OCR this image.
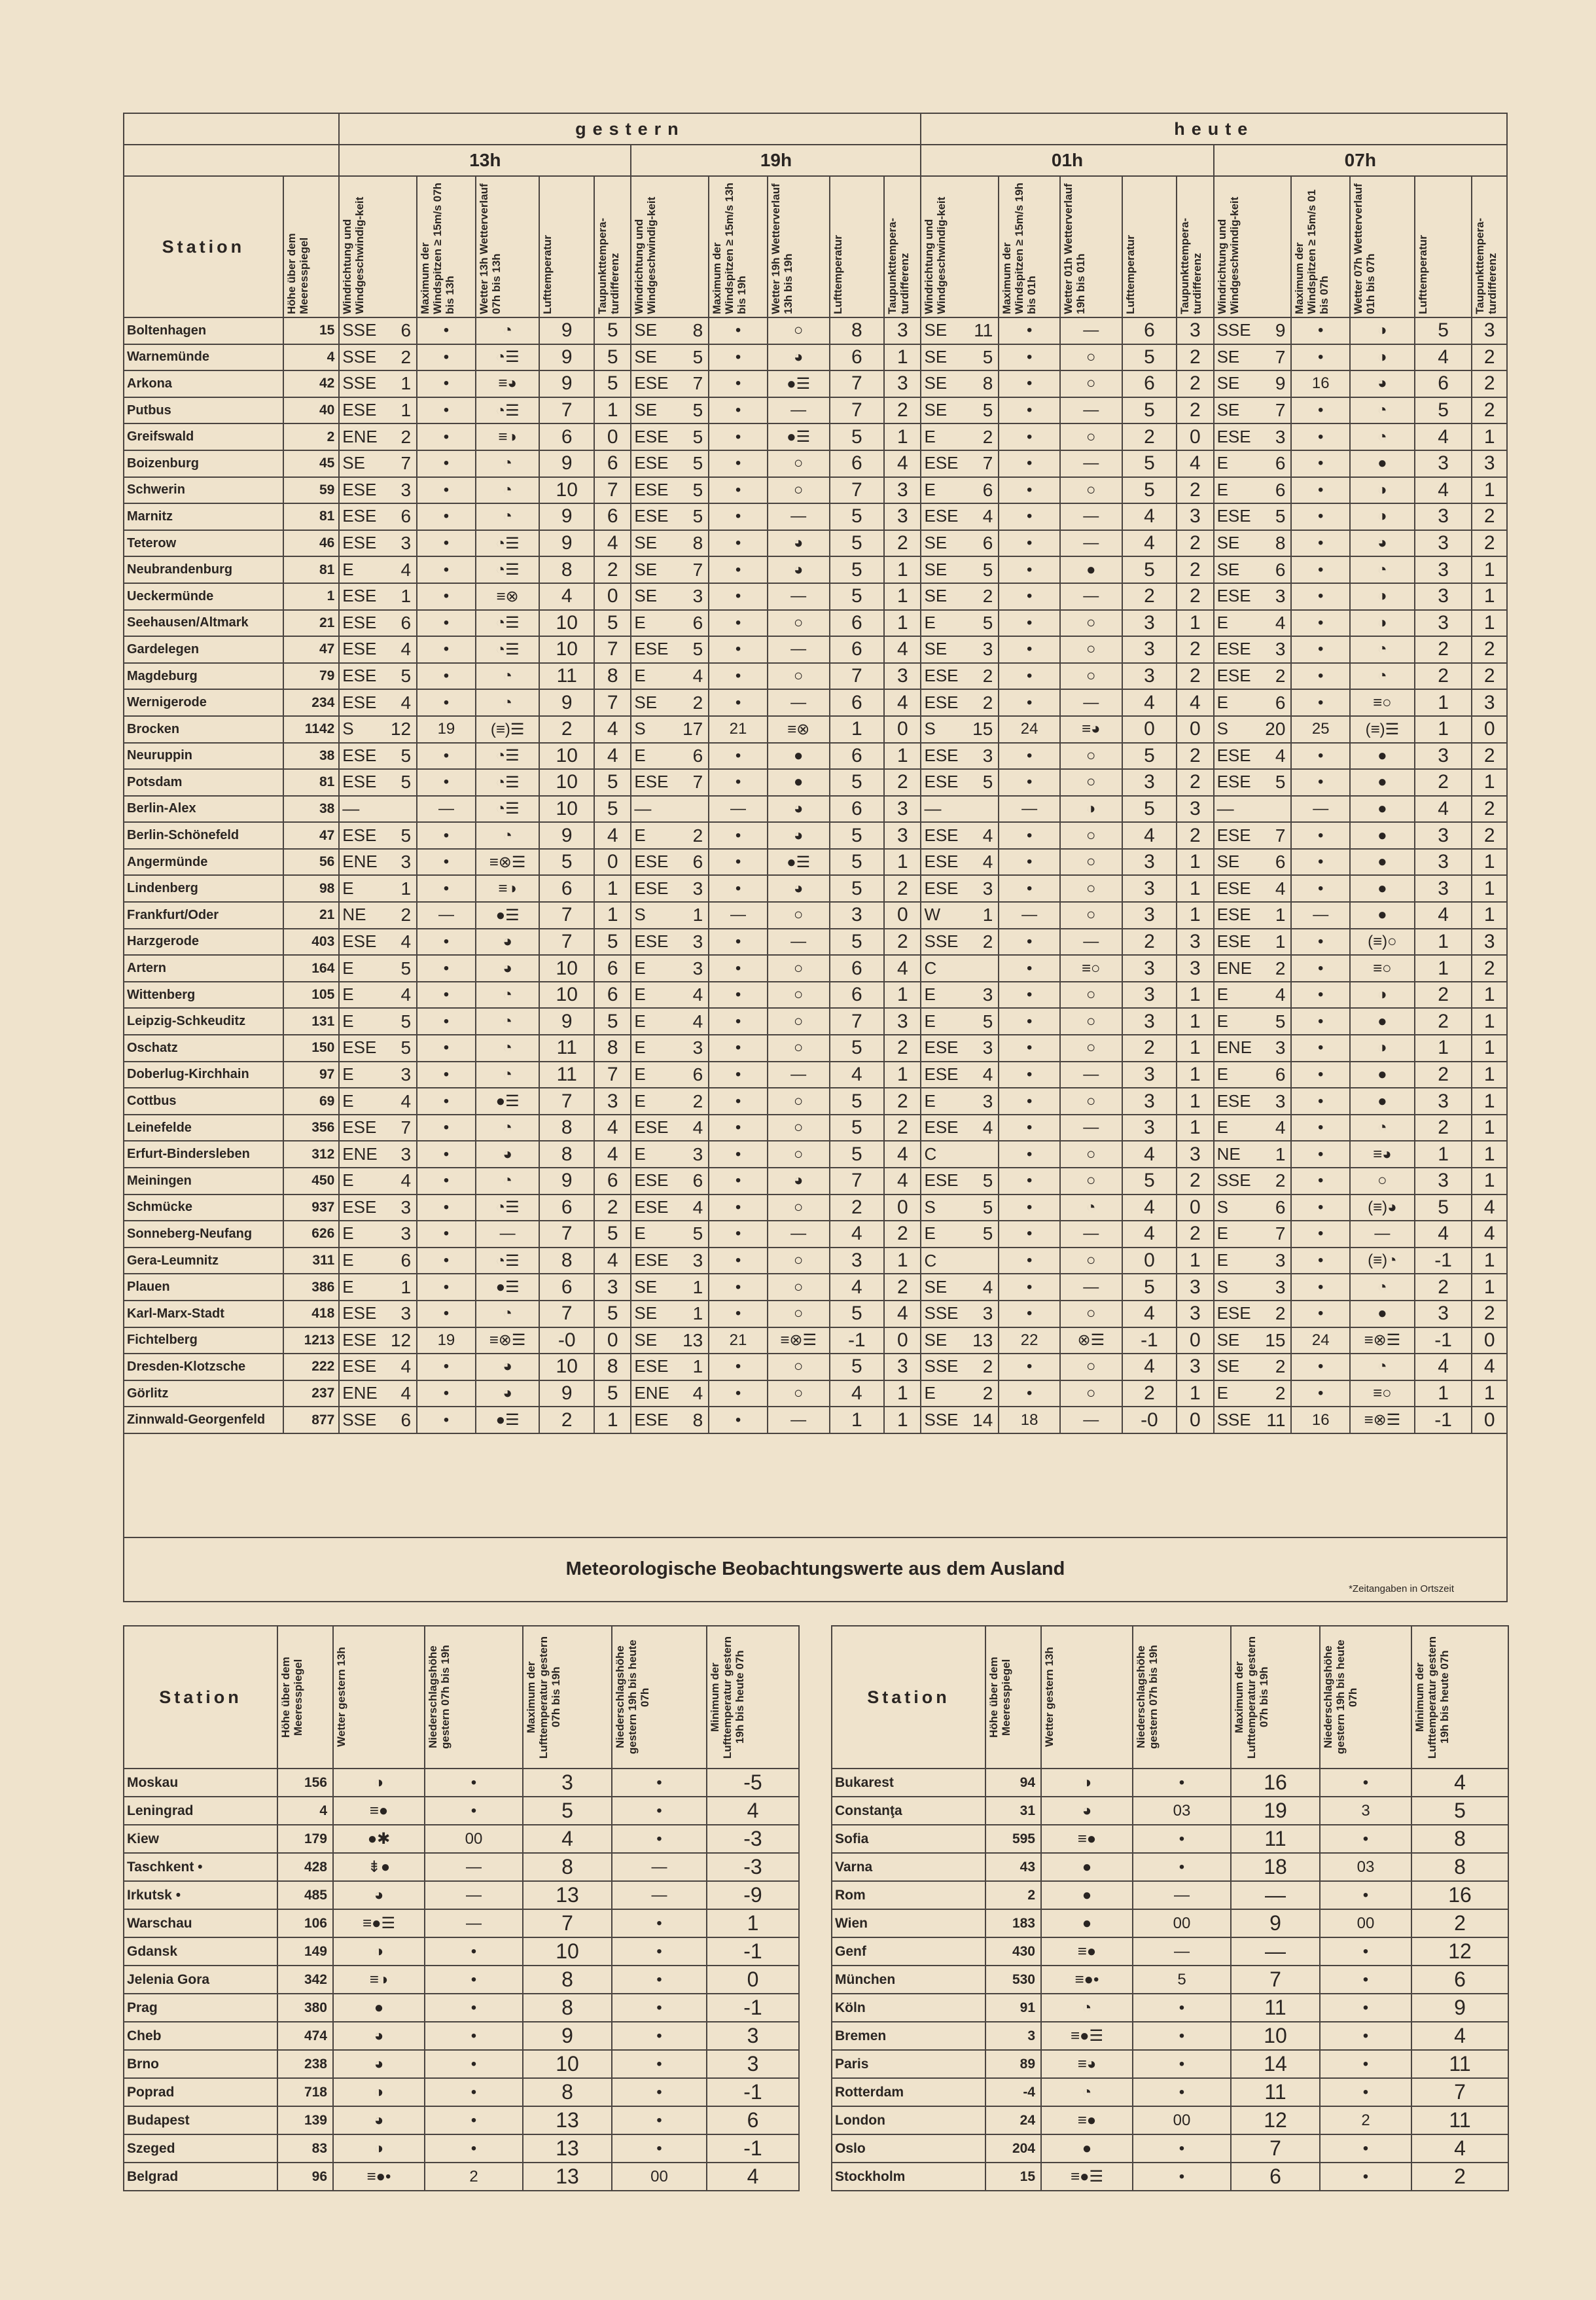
		gestern										heute									
		13h					19h					01h					07h				
Station	Höhe über dem Meeresspiegel	Windrichtung und Windgeschwindig-keit	Maximum der Windspitzen ≥ 15m/s 07h bis 13h	Wetter 13h Wetterverlauf 07h bis 13h	Lufttemperatur	Taupunkttempera-turdifferenz	Windrichtung und Windgeschwindig-keit	Maximum der Windspitzen ≥ 15m/s 13h bis 19h	Wetter 19h Wetterverlauf 13h bis 19h	Lufttemperatur	Taupunkttempera-turdifferenz	Windrichtung und Windgeschwindig-keit	Maximum der Windspitzen ≥ 15m/s 19h bis 01h	Wetter 01h Wetterverlauf 19h bis 01h	Lufttemperatur	Taupunkttempera-turdifferenz	Windrichtung und Windgeschwindig-keit	Maximum der Windspitzen ≥ 15m/s 01 bis 07h	Wetter 07h Wetterverlauf 01h bis 07h	Lufttemperatur	Taupunkttempera-turdifferenz

Boltenhagen	15	SSE 6	•	◔	9	5	SE 8	•	○	8	3	SE 11	•	—	6	3	SSE 9	•	◑	5	3
Warnemünde	4	SSE 2	•	◔☰	9	5	SE 5	•	◕	6	1	SE 5	•	○	5	2	SE 7	•	◑	4	2
Arkona	42	SSE 1	•	≡◕	9	5	ESE 7	•	●☰	7	3	SE 8	•	○	6	2	SE 9	16	◕	6	2
Putbus	40	ESE 1	•	◔☰	7	1	SE 5	•	—	7	2	SE 5	•	—	5	2	SE 7	•	◔	5	2
Greifswald	2	ENE 2	•	≡◑	6	0	ESE 5	•	●☰	5	1	E 2	•	○	2	0	ESE 3	•	◔	4	1
Boizenburg	45	SE 7	•	◔	9	6	ESE 5	•	○	6	4	ESE 7	•	—	5	4	E 6	•	●	3	3
Schwerin	59	ESE 3	•	◔	10	7	ESE 5	•	○	7	3	E 6	•	○	5	2	E 6	•	◑	4	1
Marnitz	81	ESE 6	•	◔	9	6	ESE 5	•	—	5	3	ESE 4	•	—	4	3	ESE 5	•	◑	3	2
Teterow	46	ESE 3	•	◔☰	9	4	SE 8	•	◕	5	2	SE 6	•	—	4	2	SE 8	•	◕	3	2
Neubrandenburg	81	E 4	•	◔☰	8	2	SE 7	•	◕	5	1	SE 5	•	●	5	2	SE 6	•	◔	3	1
Ueckermünde	1	ESE 1	•	≡⊗	4	0	SE 3	•	—	5	1	SE 2	•	—	2	2	ESE 3	•	◑	3	1
Seehausen/Altmark	21	ESE 6	•	◔☰	10	5	E 6	•	○	6	1	E 5	•	○	3	1	E 4	•	◑	3	1
Gardelegen	47	ESE 4	•	◔☰	10	7	ESE 5	•	—	6	4	SE 3	•	○	3	2	ESE 3	•	◔	2	2
Magdeburg	79	ESE 5	•	◔	11	8	E 4	•	○	7	3	ESE 2	•	○	3	2	ESE 2	•	◔	2	2
Wernigerode	234	ESE 4	•	◔	9	7	SE 2	•	—	6	4	ESE 2	•	—	4	4	E 6	•	≡○	1	3
Brocken	1142	S 12	19	(≡)☰	2	4	S 17	21	≡⊗	1	0	S 15	24	≡◕	0	0	S 20	25	(≡)☰	1	0
Neuruppin	38	ESE 5	•	◔☰	10	4	E 6	•	●	6	1	ESE 3	•	○	5	2	ESE 4	•	●	3	2
Potsdam	81	ESE 5	•	◔☰	10	5	ESE 7	•	●	5	2	ESE 5	•	○	3	2	ESE 5	•	●	2	1
Berlin-Alex	38	—	—	◔☰	10	5	—	—	◕	6	3	—	—	◑	5	3	—	—	●	4	2
Berlin-Schönefeld	47	ESE 5	•	◔	9	4	E 2	•	◕	5	3	ESE 4	•	○	4	2	ESE 7	•	●	3	2
Angermünde	56	ENE 3	•	≡⊗☰	5	0	ESE 6	•	●☰	5	1	ESE 4	•	○	3	1	SE 6	•	●	3	1
Lindenberg	98	E 1	•	≡◑	6	1	ESE 3	•	◕	5	2	ESE 3	•	○	3	1	ESE 4	•	●	3	1
Frankfurt/Oder	21	NE 2	—	●☰	7	1	S 1	—	○	3	0	W 1	—	○	3	1	ESE 1	—	●	4	1
Harzgerode	403	ESE 4	•	◕	7	5	ESE 3	•	—	5	2	SSE 2	•	—	2	3	ESE 1	•	(≡)○	1	3
Artern	164	E 5	•	◕	10	6	E 3	•	○	6	4	C	•	≡○	3	3	ENE 2	•	≡○	1	2
Wittenberg	105	E 4	•	◔	10	6	E 4	•	○	6	1	E 3	•	○	3	1	E 4	•	◑	2	1
Leipzig-Schkeuditz	131	E 5	•	◔	9	5	E 4	•	○	7	3	E 5	•	○	3	1	E 5	•	●	2	1
Oschatz	150	ESE 5	•	◔	11	8	E 3	•	○	5	2	ESE 3	•	○	2	1	ENE 3	•	◑	1	1
Doberlug-Kirchhain	97	E 3	•	◔	11	7	E 6	•	—	4	1	ESE 4	•	—	3	1	E 6	•	●	2	1
Cottbus	69	E 4	•	●☰	7	3	E 2	•	○	5	2	E 3	•	○	3	1	ESE 3	•	●	3	1
Leinefelde	356	ESE 7	•	◔	8	4	ESE 4	•	○	5	2	ESE 4	•	—	3	1	E 4	•	◔	2	1
Erfurt-Bindersleben	312	ENE 3	•	◕	8	4	E 3	•	○	5	4	C	•	○	4	3	NE 1	•	≡◕	1	1
Meiningen	450	E 4	•	◔	9	6	ESE 6	•	◕	7	4	ESE 5	•	○	5	2	SSE 2	•	○	3	1
Schmücke	937	ESE 3	•	◔☰	6	2	ESE 4	•	○	2	0	S 5	•	◔	4	0	S 6	•	(≡)◕	5	4
Sonneberg-Neufang	626	E 3	•	—	7	5	E 5	•	—	4	2	E 5	•	—	4	2	E 7	•	—	4	4
Gera-Leumnitz	311	E 6	•	◔☰	8	4	ESE 3	•	○	3	1	C	•	○	0	1	E 3	•	(≡)◔	-1	1
Plauen	386	E 1	•	●☰	6	3	SE 1	•	○	4	2	SE 4	•	—	5	3	S 3	•	◔	2	1
Karl-Marx-Stadt	418	ESE 3	•	◔	7	5	SE 1	•	○	5	4	SSE 3	•	○	4	3	ESE 2	•	●	3	2
Fichtelberg	1213	ESE 12	19	≡⊗☰	-0	0	SE 13	21	≡⊗☰	-1	0	SE 13	22	⊗☰	-1	0	SE 15	24	≡⊗☰	-1	0
Dresden-Klotzsche	222	ESE 4	•	◕	10	8	ESE 1	•	○	5	3	SSE 2	•	○	4	3	SE 2	•	◔	4	4
Görlitz	237	ENE 4	•	◕	9	5	ENE 4	•	○	4	1	E 2	•	○	2	1	E 2	•	≡○	1	1
Zinnwald-Georgenfeld	877	SSE 6	•	●☰	2	1	ESE 8	•	—	1	1	SSE 14	18	—	-0	0	SSE 11	16	≡⊗☰	-1	0

Meteorologische Beobachtungswerte aus dem Ausland
*Zeitangaben in Ortszeit																					
Station	Höhe über dem Meeresspiegel	Wetter gestern 13h	Niederschlagshöhe gestern 07h bis 19h	Maximum der Lufttemperatur gestern 07h bis 19h	Niederschlagshöhe gestern 19h bis heute 07h	Minimum der Lufttemperatur gestern 19h bis heute 07h		Station	Höhe über dem Meeresspiegel	Wetter gestern 13h	Niederschlagshöhe gestern 07h bis 19h	Maximum der Lufttemperatur gestern 07h bis 19h	Niederschlagshöhe gestern 19h bis heute 07h	Minimum der Lufttemperatur gestern 19h bis heute 07h

Moskau	156	◑	•	3	•	-5		Bukarest	94	◑	•	16	•	4
Leningrad	4	≡●	•	5	•	4		Constanţa	31	◕	03	19	3	5
Kiew	179	●✱	00	4	•	-3		Sofia	595	≡●	•	11	•	8
Taschkent •	428	⇟●	—	8	—	-3		Varna	43	●	•	18	03	8
Irkutsk •	485	◕	—	13	—	-9		Rom	2	●	—	—	•	16
Warschau	106	≡●☰	—	7	•	1		Wien	183	●	00	9	00	2
Gdansk	149	◑	•	10	•	-1		Genf	430	≡●	—	—	•	12
Jelenia Gora	342	≡◑	•	8	•	0		München	530	≡●•	5	7	•	6
Prag	380	●	•	8	•	-1		Köln	91	◔	•	11	•	9
Cheb	474	◕	•	9	•	3		Bremen	3	≡●☰	•	10	•	4
Brno	238	◕	•	10	•	3		Paris	89	≡◕	•	14	•	11
Poprad	718	◑	•	8	•	-1		Rotterdam	-4	◔	•	11	•	7
Budapest	139	◕	•	13	•	6		London	24	≡●	00	12	2	11
Szeged	83	◑	•	13	•	-1		Oslo	204	●	•	7	•	4
Belgrad	96	≡●•	2	13	00	4		Stockholm	15	≡●☰	•	6	•	2
